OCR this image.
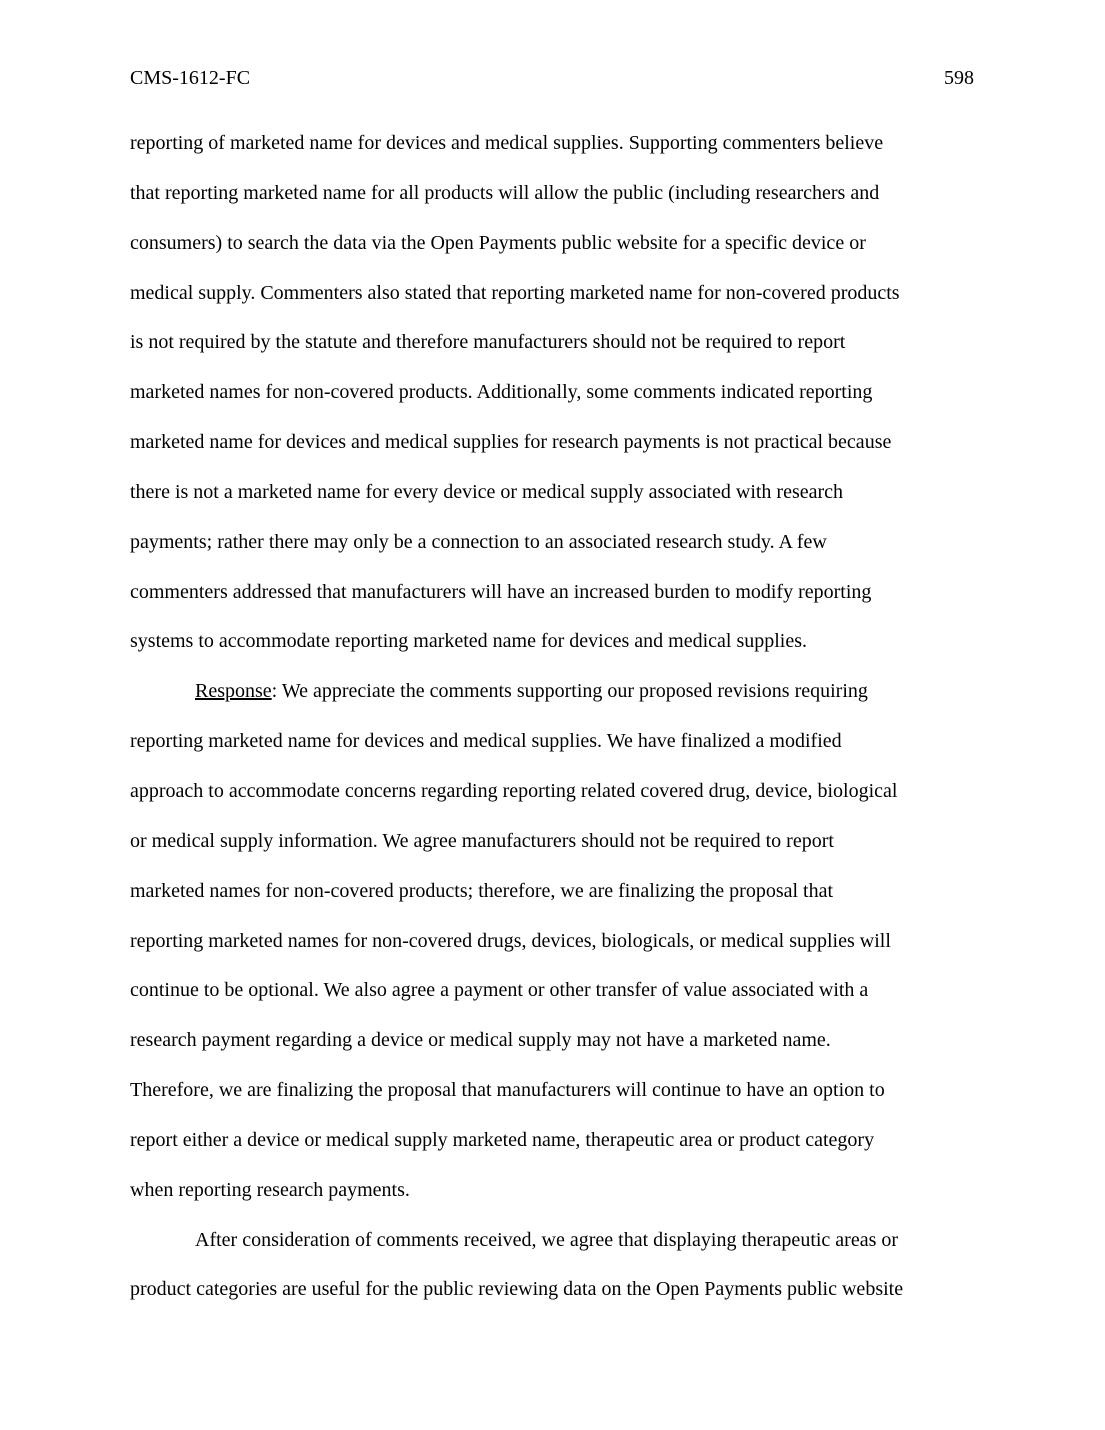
CMS-1612-FC	598
reporting of marketed name for devices and medical supplies. Supporting commenters believe
that reporting marketed name for all products will allow the public (including researchers and
consumers) to search the data via the Open Payments public website for a specific device or
medical supply. Commenters also stated that reporting marketed name for non-covered products
is not required by the statute and therefore manufacturers should not be required to report
marketed names for non-covered products. Additionally, some comments indicated reporting
marketed name for devices and medical supplies for research payments is not practical because
there is not a marketed name for every device or medical supply associated with research
payments; rather there may only be a connection to an associated research study. A few
commenters addressed that manufacturers will have an increased burden to modify reporting
systems to accommodate reporting marketed name for devices and medical supplies.
Response: We appreciate the comments supporting our proposed revisions requiring
reporting marketed name for devices and medical supplies. We have finalized a modified
approach to accommodate concerns regarding reporting related covered drug, device, biological
or medical supply information. We agree manufacturers should not be required to report
marketed names for non-covered products; therefore, we are finalizing the proposal that
reporting marketed names for non-covered drugs, devices, biologicals, or medical supplies will
continue to be optional. We also agree a payment or other transfer of value associated with a
research payment regarding a device or medical supply may not have a marketed name.
Therefore, we are finalizing the proposal that manufacturers will continue to have an option to
report either a device or medical supply marketed name, therapeutic area or product category
when reporting research payments.
After consideration of comments received, we agree that displaying therapeutic areas or
product categories are useful for the public reviewing data on the Open Payments public website
